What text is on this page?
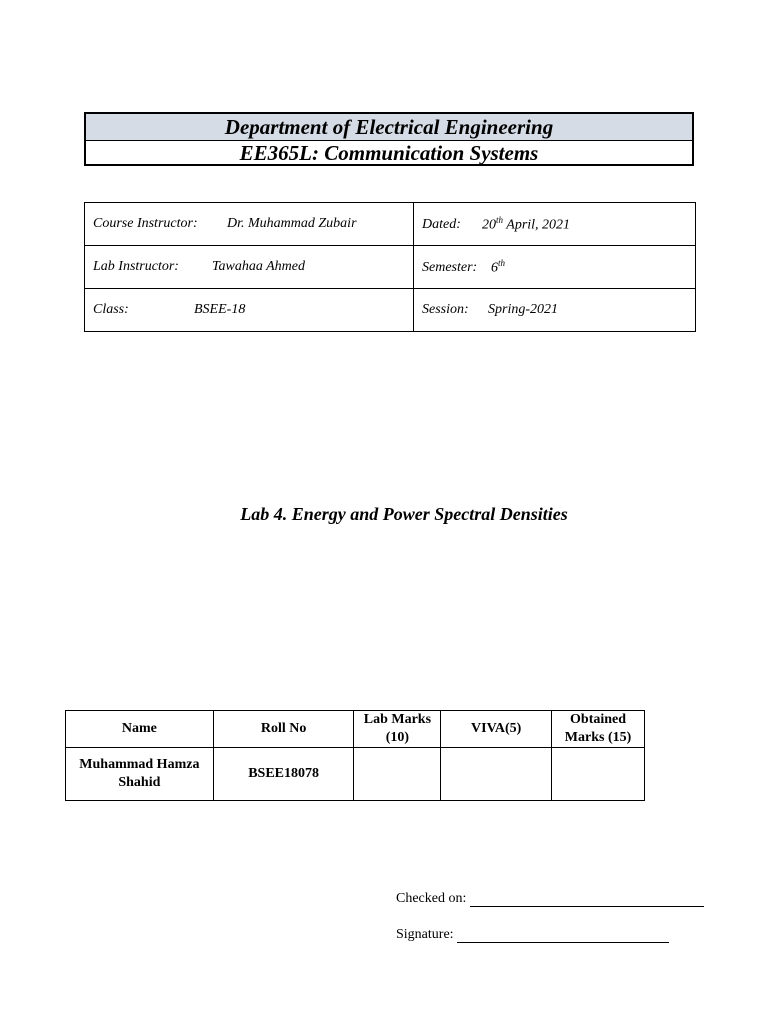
Department of Electrical Engineering
EE365L: Communication Systems
Course Instructor: Dr. Muhammad Zubair	Dated: 20th April, 2021
Lab Instructor: Tawahaa Ahmed	Semester: 6th
Class: BSEE-18	Session: Spring-2021
Lab 4. Energy and Power Spectral Densities
Name	Roll No	Lab Marks (10)	VIVA(5)	Obtained Marks (15)
Muhammad Hamza Shahid	BSEE18078			
Checked on:
Signature:
